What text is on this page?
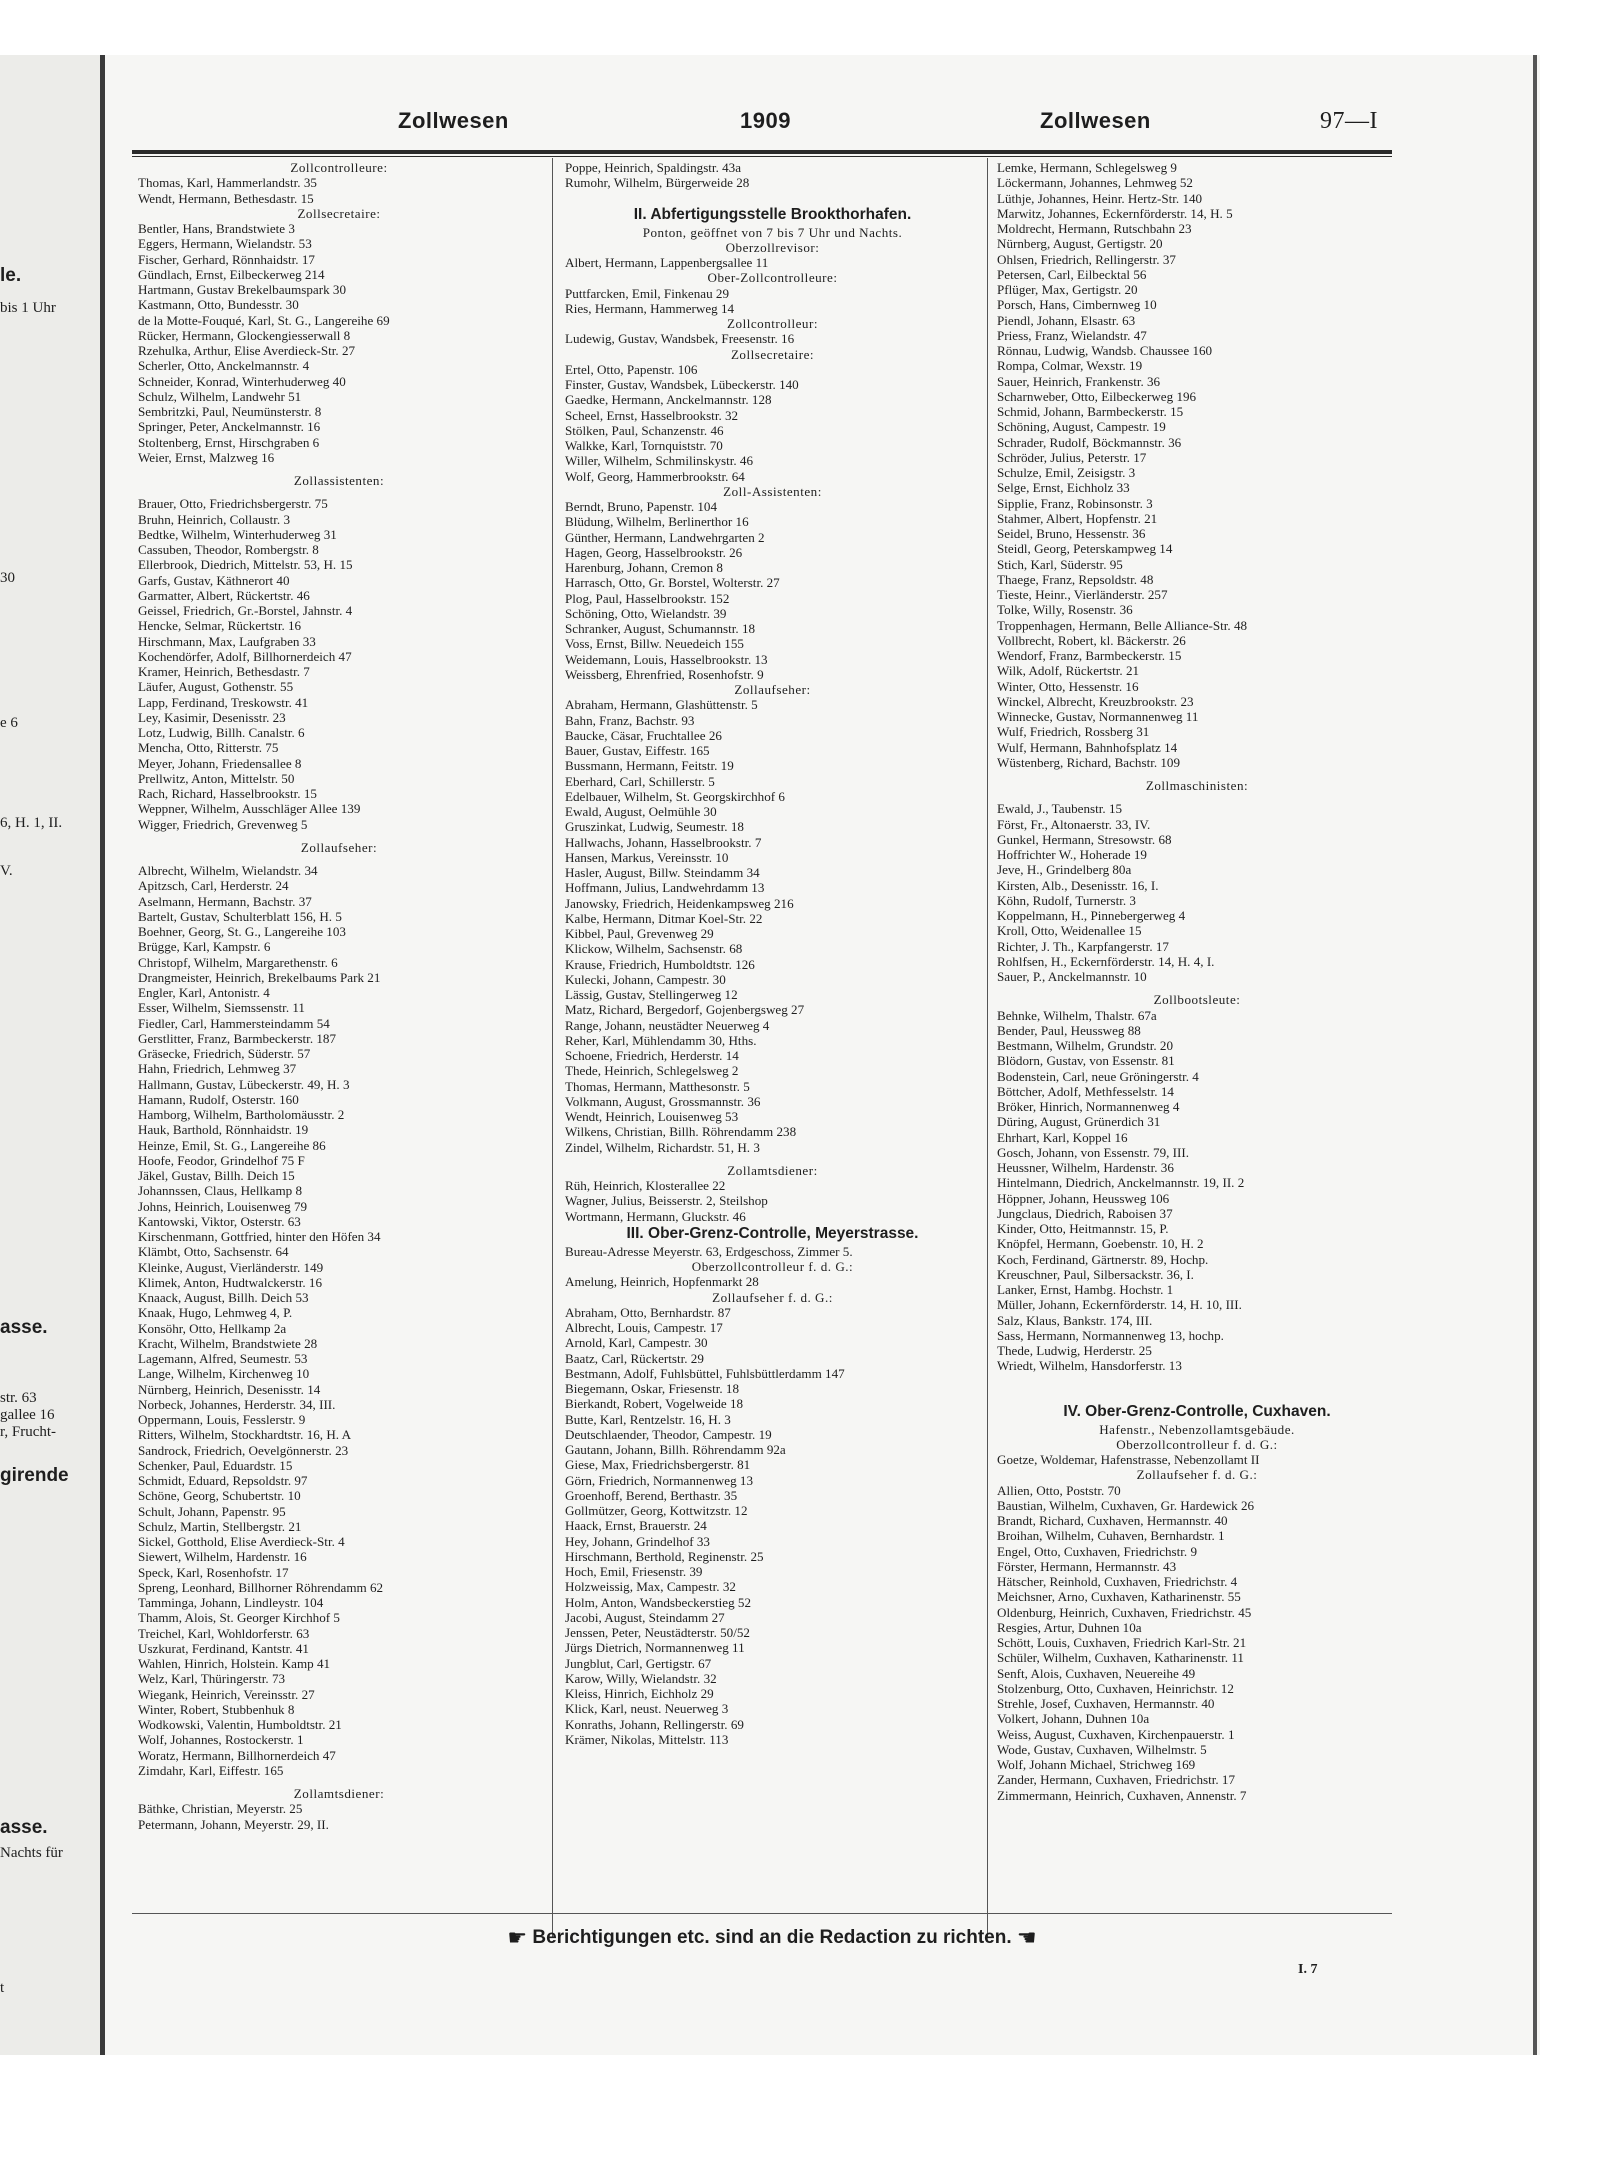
le.
bis 1 Uhr
30
e 6
6, H. 1, II.
V.
asse.
str. 63
gallee 16
r, Frucht-
girende
asse.
Nachts für
t
Zollwesen	1909	Zollwesen	97—I
Zollcontrolleure:
Thomas, Karl, Hammerlandstr. 35
Wendt, Hermann, Bethesdastr. 15
Zollsecretaire:
Bentler, Hans, Brandstwiete 3
Eggers, Hermann, Wielandstr. 53
Fischer, Gerhard, Rönnhaidstr. 17
Gündlach, Ernst, Eilbeckerweg 214
Hartmann, Gustav Brekelbaumspark 30
Kastmann, Otto, Bundesstr. 30
de la Motte-Fouqué, Karl, St. G., Langereihe 69
Rücker, Hermann, Glockengiesserwall 8
Rzehulka, Arthur, Elise Averdieck-Str. 27
Scherler, Otto, Anckelmannstr. 4
Schneider, Konrad, Winterhuderweg 40
Schulz, Wilhelm, Landwehr 51
Sembritzki, Paul, Neumünsterstr. 8
Springer, Peter, Anckelmannstr. 16
Stoltenberg, Ernst, Hirschgraben 6
Weier, Ernst, Malzweg 16
Zollassistenten:
Brauer, Otto, Friedrichsbergerstr. 75
Bruhn, Heinrich, Collaustr. 3
Bedtke, Wilhelm, Winterhuderweg 31
Cassuben, Theodor, Rombergstr. 8
Ellerbrook, Diedrich, Mittelstr. 53, H. 15
Garfs, Gustav, Käthnerort 40
Garmatter, Albert, Rückertstr. 46
Geissel, Friedrich, Gr.-Borstel, Jahnstr. 4
Hencke, Selmar, Rückertstr. 16
Hirschmann, Max, Laufgraben 33
Kochendörfer, Adolf, Billhornerdeich 47
Kramer, Heinrich, Bethesdastr. 7
Läufer, August, Gothenstr. 55
Lapp, Ferdinand, Treskowstr. 41
Ley, Kasimir, Desenisstr. 23
Lotz, Ludwig, Billh. Canalstr. 6
Mencha, Otto, Ritterstr. 75
Meyer, Johann, Friedensallee 8
Prellwitz, Anton, Mittelstr. 50
Rach, Richard, Hasselbrookstr. 15
Weppner, Wilhelm, Ausschläger Allee 139
Wigger, Friedrich, Grevenweg 5
Zollaufseher:
Albrecht, Wilhelm, Wielandstr. 34
Apitzsch, Carl, Herderstr. 24
Aselmann, Hermann, Bachstr. 37
Bartelt, Gustav, Schulterblatt 156, H. 5
Boehner, Georg, St. G., Langereihe 103
Brügge, Karl, Kampstr. 6
Christopf, Wilhelm, Margarethenstr. 6
Drangmeister, Heinrich, Brekelbaums Park 21
Engler, Karl, Antonistr. 4
Esser, Wilhelm, Siemssenstr. 11
Fiedler, Carl, Hammersteindamm 54
Gerstlitter, Franz, Barmbeckerstr. 187
Gräsecke, Friedrich, Süderstr. 57
Hahn, Friedrich, Lehmweg 37
Hallmann, Gustav, Lübeckerstr. 49, H. 3
Hamann, Rudolf, Osterstr. 160
Hamborg, Wilhelm, Bartholomäusstr. 2
Hauk, Barthold, Rönnhaidstr. 19
Heinze, Emil, St. G., Langereihe 86
Hoofe, Feodor, Grindelhof 75 F
Jäkel, Gustav, Billh. Deich 15
Johannssen, Claus, Hellkamp 8
Johns, Heinrich, Louisenweg 79
Kantowski, Viktor, Osterstr. 63
Kirschenmann, Gottfried, hinter den Höfen 34
Klämbt, Otto, Sachsenstr. 64
Kleinke, August, Vierländerstr. 149
Klimek, Anton, Hudtwalckerstr. 16
Knaack, August, Billh. Deich 53
Knaak, Hugo, Lehmweg 4, P.
Konsöhr, Otto, Hellkamp 2a
Kracht, Wilhelm, Brandstwiete 28
Lagemann, Alfred, Seumestr. 53
Lange, Wilhelm, Kirchenweg 10
Nürnberg, Heinrich, Desenisstr. 14
Norbeck, Johannes, Herderstr. 34, III.
Oppermann, Louis, Fesslerstr. 9
Ritters, Wilhelm, Stockhardtstr. 16, H. A
Sandrock, Friedrich, Oevelgönnerstr. 23
Schenker, Paul, Eduardstr. 15
Schmidt, Eduard, Repsoldstr. 97
Schöne, Georg, Schubertstr. 10
Schult, Johann, Papenstr. 95
Schulz, Martin, Stellbergstr. 21
Sickel, Gotthold, Elise Averdieck-Str. 4
Siewert, Wilhelm, Hardenstr. 16
Speck, Karl, Rosenhofstr. 17
Spreng, Leonhard, Billhorner Röhrendamm 62
Tamminga, Johann, Lindleystr. 104
Thamm, Alois, St. Georger Kirchhof 5
Treichel, Karl, Wohldorferstr. 63
Uszkurat, Ferdinand, Kantstr. 41
Wahlen, Hinrich, Holstein. Kamp 41
Welz, Karl, Thüringerstr. 73
Wiegank, Heinrich, Vereinsstr. 27
Winter, Robert, Stubbenhuk 8
Wodkowski, Valentin, Humboldtstr. 21
Wolf, Johannes, Rostockerstr. 1
Woratz, Hermann, Billhornerdeich 47
Zimdahr, Karl, Eiffestr. 165
Zollamtsdiener:
Bäthke, Christian, Meyerstr. 25
Petermann, Johann, Meyerstr. 29, II.
Poppe, Heinrich, Spaldingstr. 43a
Rumohr, Wilhelm, Bürgerweide 28
II. Abfertigungsstelle Brookthorhafen.
Ponton, geöffnet von 7 bis 7 Uhr und Nachts.
Oberzollrevisor:
Albert, Hermann, Lappenbergsallee 11
Ober-Zollcontrolleure:
Puttfarcken, Emil, Finkenau 29
Ries, Hermann, Hammerweg 14
Zollcontrolleur:
Ludewig, Gustav, Wandsbek, Freesenstr. 16
Zollsecretaire:
Ertel, Otto, Papenstr. 106
Finster, Gustav, Wandsbek, Lübeckerstr. 140
Gaedke, Hermann, Anckelmannstr. 128
Scheel, Ernst, Hasselbrookstr. 32
Stölken, Paul, Schanzenstr. 46
Walkke, Karl, Tornquiststr. 70
Willer, Wilhelm, Schmilinskystr. 46
Wolf, Georg, Hammerbrookstr. 64
Zoll-Assistenten:
Berndt, Bruno, Papenstr. 104
Blüdung, Wilhelm, Berlinerthor 16
Günther, Hermann, Landwehrgarten 2
Hagen, Georg, Hasselbrookstr. 26
Harenburg, Johann, Cremon 8
Harrasch, Otto, Gr. Borstel, Wolterstr. 27
Plog, Paul, Hasselbrookstr. 152
Schöning, Otto, Wielandstr. 39
Schranker, August, Schumannstr. 18
Voss, Ernst, Billw. Neuedeich 155
Weidemann, Louis, Hasselbrookstr. 13
Weissberg, Ehrenfried, Rosenhofstr. 9
Zollaufseher:
Abraham, Hermann, Glashüttenstr. 5
Bahn, Franz, Bachstr. 93
Baucke, Cäsar, Fruchtallee 26
Bauer, Gustav, Eiffestr. 165
Bussmann, Hermann, Feitstr. 19
Eberhard, Carl, Schillerstr. 5
Edelbauer, Wilhelm, St. Georgskirchhof 6
Ewald, August, Oelmühle 30
Gruszinkat, Ludwig, Seumestr. 18
Hallwachs, Johann, Hasselbrookstr. 7
Hansen, Markus, Vereinsstr. 10
Hasler, August, Billw. Steindamm 34
Hoffmann, Julius, Landwehrdamm 13
Janowsky, Friedrich, Heidenkampsweg 216
Kalbe, Hermann, Ditmar Koel-Str. 22
Kibbel, Paul, Grevenweg 29
Klickow, Wilhelm, Sachsenstr. 68
Krause, Friedrich, Humboldtstr. 126
Kulecki, Johann, Campestr. 30
Lässig, Gustav, Stellingerweg 12
Matz, Richard, Bergedorf, Gojenbergsweg 27
Range, Johann, neustädter Neuerweg 4
Reher, Karl, Mühlendamm 30, Hths.
Schoene, Friedrich, Herderstr. 14
Thede, Heinrich, Schlegelsweg 2
Thomas, Hermann, Matthesonstr. 5
Volkmann, August, Grossmannstr. 36
Wendt, Heinrich, Louisenweg 53
Wilkens, Christian, Billh. Röhrendamm 238
Zindel, Wilhelm, Richardstr. 51, H. 3
Zollamtsdiener:
Rüh, Heinrich, Klosterallee 22
Wagner, Julius, Beisserstr. 2, Steilshop
Wortmann, Hermann, Gluckstr. 46
III. Ober-Grenz-Controlle, Meyerstrasse.
Bureau-Adresse Meyerstr. 63, Erdgeschoss, Zimmer 5.
Oberzollcontrolleur f. d. G.:
Amelung, Heinrich, Hopfenmarkt 28
Zollaufseher f. d. G.:
Abraham, Otto, Bernhardstr. 87
Albrecht, Louis, Campestr. 17
Arnold, Karl, Campestr. 30
Baatz, Carl, Rückertstr. 29
Bestmann, Adolf, Fuhlsbüttel, Fuhlsbüttlerdamm 147
Biegemann, Oskar, Friesenstr. 18
Bierkandt, Robert, Vogelweide 18
Butte, Karl, Rentzelstr. 16, H. 3
Deutschlaender, Theodor, Campestr. 19
Gautann, Johann, Billh. Röhrendamm 92a
Giese, Max, Friedrichsbergerstr. 81
Görn, Friedrich, Normannenweg 13
Groenhoff, Berend, Berthastr. 35
Gollmützer, Georg, Kottwitzstr. 12
Haack, Ernst, Brauerstr. 24
Hey, Johann, Grindelhof 33
Hirschmann, Berthold, Reginenstr. 25
Hoch, Emil, Friesenstr. 39
Holzweissig, Max, Campestr. 32
Holm, Anton, Wandsbeckerstieg 52
Jacobi, August, Steindamm 27
Jenssen, Peter, Neustädterstr. 50/52
Jürgs Dietrich, Normannenweg 11
Jungblut, Carl, Gertigstr. 67
Karow, Willy, Wielandstr. 32
Kleiss, Hinrich, Eichholz 29
Klick, Karl, neust. Neuerweg 3
Konraths, Johann, Rellingerstr. 69
Krämer, Nikolas, Mittelstr. 113
Lemke, Hermann, Schlegelsweg 9
Löckermann, Johannes, Lehmweg 52
Lüthje, Johannes, Heinr. Hertz-Str. 140
Marwitz, Johannes, Eckernförderstr. 14, H. 5
Moldrecht, Hermann, Rutschbahn 23
Nürnberg, August, Gertigstr. 20
Ohlsen, Friedrich, Rellingerstr. 37
Petersen, Carl, Eilbecktal 56
Pflüger, Max, Gertigstr. 20
Porsch, Hans, Cimbernweg 10
Piendl, Johann, Elsastr. 63
Priess, Franz, Wielandstr. 47
Rönnau, Ludwig, Wandsb. Chaussee 160
Rompa, Colmar, Wexstr. 19
Sauer, Heinrich, Frankenstr. 36
Scharnweber, Otto, Eilbeckerweg 196
Schmid, Johann, Barmbeckerstr. 15
Schöning, August, Campestr. 19
Schrader, Rudolf, Böckmannstr. 36
Schröder, Julius, Peterstr. 17
Schulze, Emil, Zeisigstr. 3
Selge, Ernst, Eichholz 33
Sipplie, Franz, Robinsonstr. 3
Stahmer, Albert, Hopfenstr. 21
Seidel, Bruno, Hessenstr. 36
Steidl, Georg, Peterskampweg 14
Stich, Karl, Süderstr. 95
Thaege, Franz, Repsoldstr. 48
Tieste, Heinr., Vierländerstr. 257
Tolke, Willy, Rosenstr. 36
Troppenhagen, Hermann, Belle Alliance-Str. 48
Vollbrecht, Robert, kl. Bäckerstr. 26
Wendorf, Franz, Barmbeckerstr. 15
Wilk, Adolf, Rückertstr. 21
Winter, Otto, Hessenstr. 16
Winckel, Albrecht, Kreuzbrookstr. 23
Winnecke, Gustav, Normannenweg 11
Wulf, Friedrich, Rossberg 31
Wulf, Hermann, Bahnhofsplatz 14
Wüstenberg, Richard, Bachstr. 109
Zollmaschinisten:
Ewald, J., Taubenstr. 15
Först, Fr., Altonaerstr. 33, IV.
Gunkel, Hermann, Stresowstr. 68
Hoffrichter W., Hoherade 19
Jeve, H., Grindelberg 80a
Kirsten, Alb., Desenisstr. 16, I.
Köhn, Rudolf, Turnerstr. 3
Koppelmann, H., Pinnebergerweg 4
Kroll, Otto, Weidenallee 15
Richter, J. Th., Karpfangerstr. 17
Rohlfsen, H., Eckernförderstr. 14, H. 4, I.
Sauer, P., Anckelmannstr. 10
Zollbootsleute:
Behnke, Wilhelm, Thalstr. 67a
Bender, Paul, Heussweg 88
Bestmann, Wilhelm, Grundstr. 20
Blödorn, Gustav, von Essenstr. 81
Bodenstein, Carl, neue Gröningerstr. 4
Böttcher, Adolf, Methfesselstr. 14
Bröker, Hinrich, Normannenweg 4
Düring, August, Grünerdich 31
Ehrhart, Karl, Koppel 16
Gosch, Johann, von Essenstr. 79, III.
Heussner, Wilhelm, Hardenstr. 36
Hintelmann, Diedrich, Anckelmannstr. 19, II. 2
Höppner, Johann, Heussweg 106
Jungclaus, Diedrich, Raboisen 37
Kinder, Otto, Heitmannstr. 15, P.
Knöpfel, Hermann, Goebenstr. 10, H. 2
Koch, Ferdinand, Gärtnerstr. 89, Hochp.
Kreuschner, Paul, Silbersackstr. 36, I.
Lanker, Ernst, Hambg. Hochstr. 1
Müller, Johann, Eckernförderstr. 14, H. 10, III.
Salz, Klaus, Bankstr. 174, III.
Sass, Hermann, Normannenweg 13, hochp.
Thede, Ludwig, Herderstr. 25
Wriedt, Wilhelm, Hansdorferstr. 13
IV. Ober-Grenz-Controlle, Cuxhaven.
Hafenstr., Nebenzollamtsgebäude.
Oberzollcontrolleur f. d. G.:
Goetze, Woldemar, Hafenstrasse, Nebenzollamt II
Zollaufseher f. d. G.:
Allien, Otto, Poststr. 70
Baustian, Wilhelm, Cuxhaven, Gr. Hardewick 26
Brandt, Richard, Cuxhaven, Hermannstr. 40
Broihan, Wilhelm, Cuhaven, Bernhardstr. 1
Engel, Otto, Cuxhaven, Friedrichstr. 9
Förster, Hermann, Hermannstr. 43
Hätscher, Reinhold, Cuxhaven, Friedrichstr. 4
Meichsner, Arno, Cuxhaven, Katharinenstr. 55
Oldenburg, Heinrich, Cuxhaven, Friedrichstr. 45
Resgies, Artur, Duhnen 10a
Schött, Louis, Cuxhaven, Friedrich Karl-Str. 21
Schüler, Wilhelm, Cuxhaven, Katharinenstr. 11
Senft, Alois, Cuxhaven, Neuereihe 49
Stolzenburg, Otto, Cuxhaven, Heinrichstr. 12
Strehle, Josef, Cuxhaven, Hermannstr. 40
Volkert, Johann, Duhnen 10a
Weiss, August, Cuxhaven, Kirchenpauerstr. 1
Wode, Gustav, Cuxhaven, Wilhelmstr. 5
Wolf, Johann Michael, Strichweg 169
Zander, Hermann, Cuxhaven, Friedrichstr. 17
Zimmermann, Heinrich, Cuxhaven, Annenstr. 7
☛ Berichtigungen etc. sind an die Redaction zu richten. ☚
I. 7
